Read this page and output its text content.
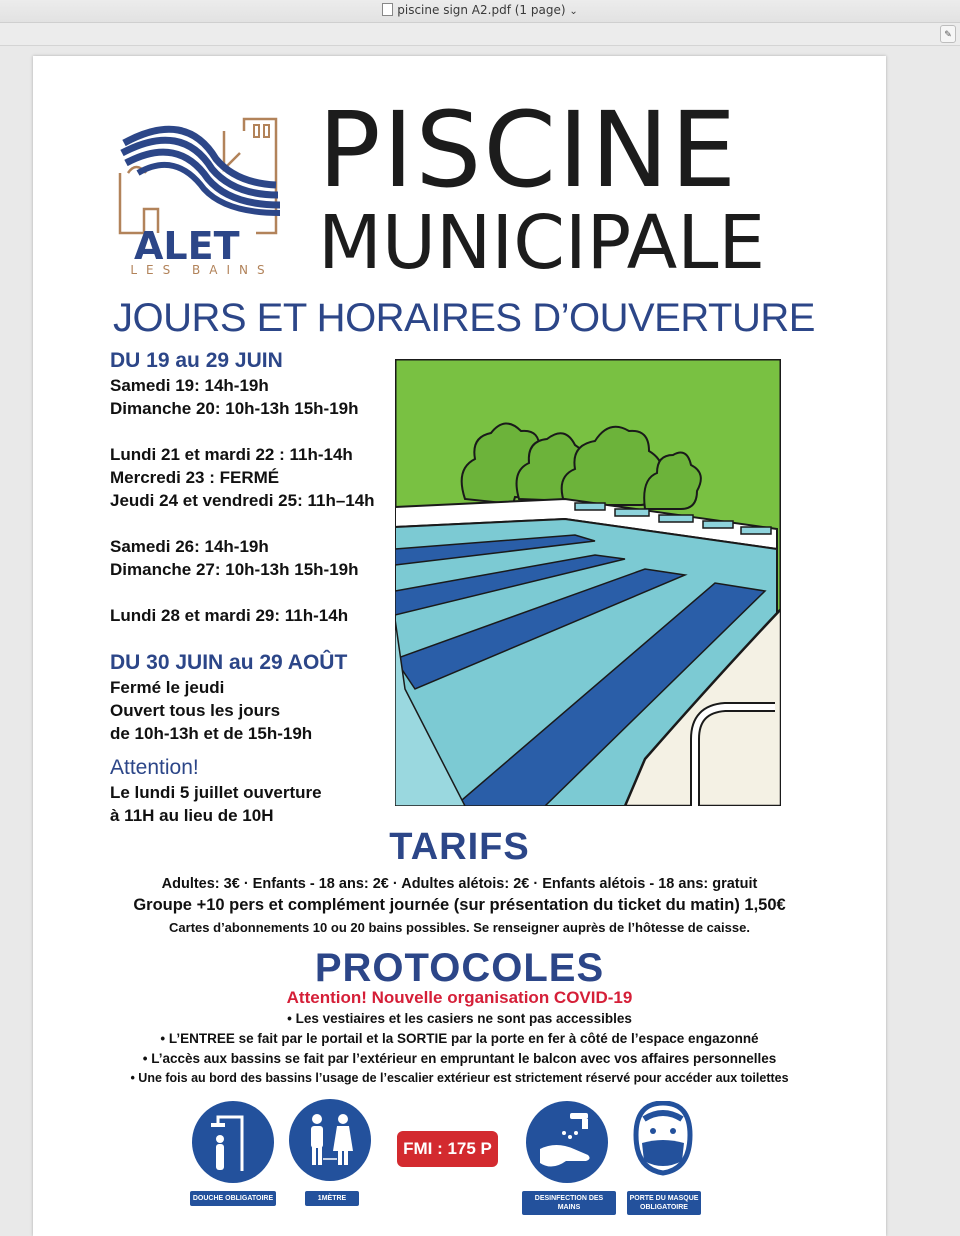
piscine sign A2.pdf (1 page) ⌄
✎
ALET
LES BAINS
PISCINE
MUNICIPALE
JOURS ET HORAIRES D’OUVERTURE
DU 19 au 29 JUIN
Samedi 19: 14h-19h
Dimanche 20: 10h-13h 15h-19h
Lundi 21 et mardi 22 : 11h-14h
Mercredi 23 : FERMÉ
Jeudi 24 et vendredi 25: 11h–14h
Samedi 26: 14h-19h
Dimanche 27: 10h-13h 15h-19h
Lundi 28 et mardi 29: 11h-14h
DU 30 JUIN au 29 AOÛT
Fermé le jeudi
Ouvert tous les jours
de 10h-13h et de 15h-19h
Attention!
Le lundi 5 juillet ouverture
à 11H au lieu de 10H
TARIFS
Adultes: 3€ · Enfants - 18 ans: 2€ · Adultes alétois: 2€ · Enfants alétois - 18 ans: gratuit
Groupe +10 pers et complément journée (sur présentation du ticket du matin) 1,50€
Cartes d’abonnements 10 ou 20 bains possibles. Se renseigner auprès de l’hôtesse de caisse.
PROTOCOLES
Attention! Nouvelle organisation COVID-19
• Les vestiaires et les casiers ne sont pas accessibles
• L’ENTREE se fait par le portail et la SORTIE par la porte en fer à côté de l’espace engazonné
• L’accès aux bassins se fait par l’extérieur en empruntant le balcon avec vos affaires personnelles
• Une fois au bord des bassins l’usage de l’escalier extérieur est strictement réservé pour accéder aux toilettes
DOUCHE OBLIGATOIRE	1MÈTRE
FMI : 175 P
DESINFECTION DES MAINS
PORTE DU MASQUE OBLIGATOIRE
